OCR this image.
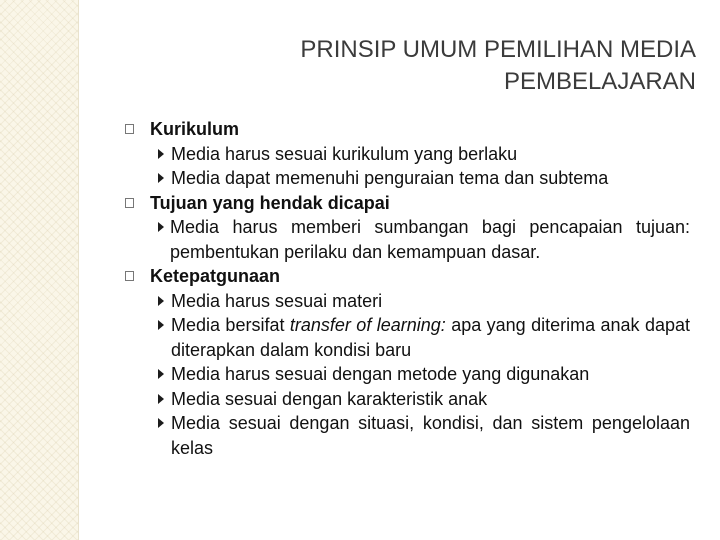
PRINSIP UMUM PEMILIHAN MEDIA
PEMBELAJARAN
Kurikulum
Media harus sesuai kurikulum yang berlaku
Media dapat memenuhi penguraian tema dan subtema
Tujuan yang hendak dicapai
Media harus memberi sumbangan bagi pencapaian tujuan: pembentukan perilaku dan kemampuan dasar.
Ketepatgunaan
Media harus sesuai materi
Media bersifat transfer of learning: apa yang diterima anak dapat diterapkan dalam kondisi baru
Media harus sesuai dengan metode yang digunakan
Media sesuai dengan karakteristik anak
Media sesuai dengan situasi, kondisi, dan sistem pengelolaan kelas
